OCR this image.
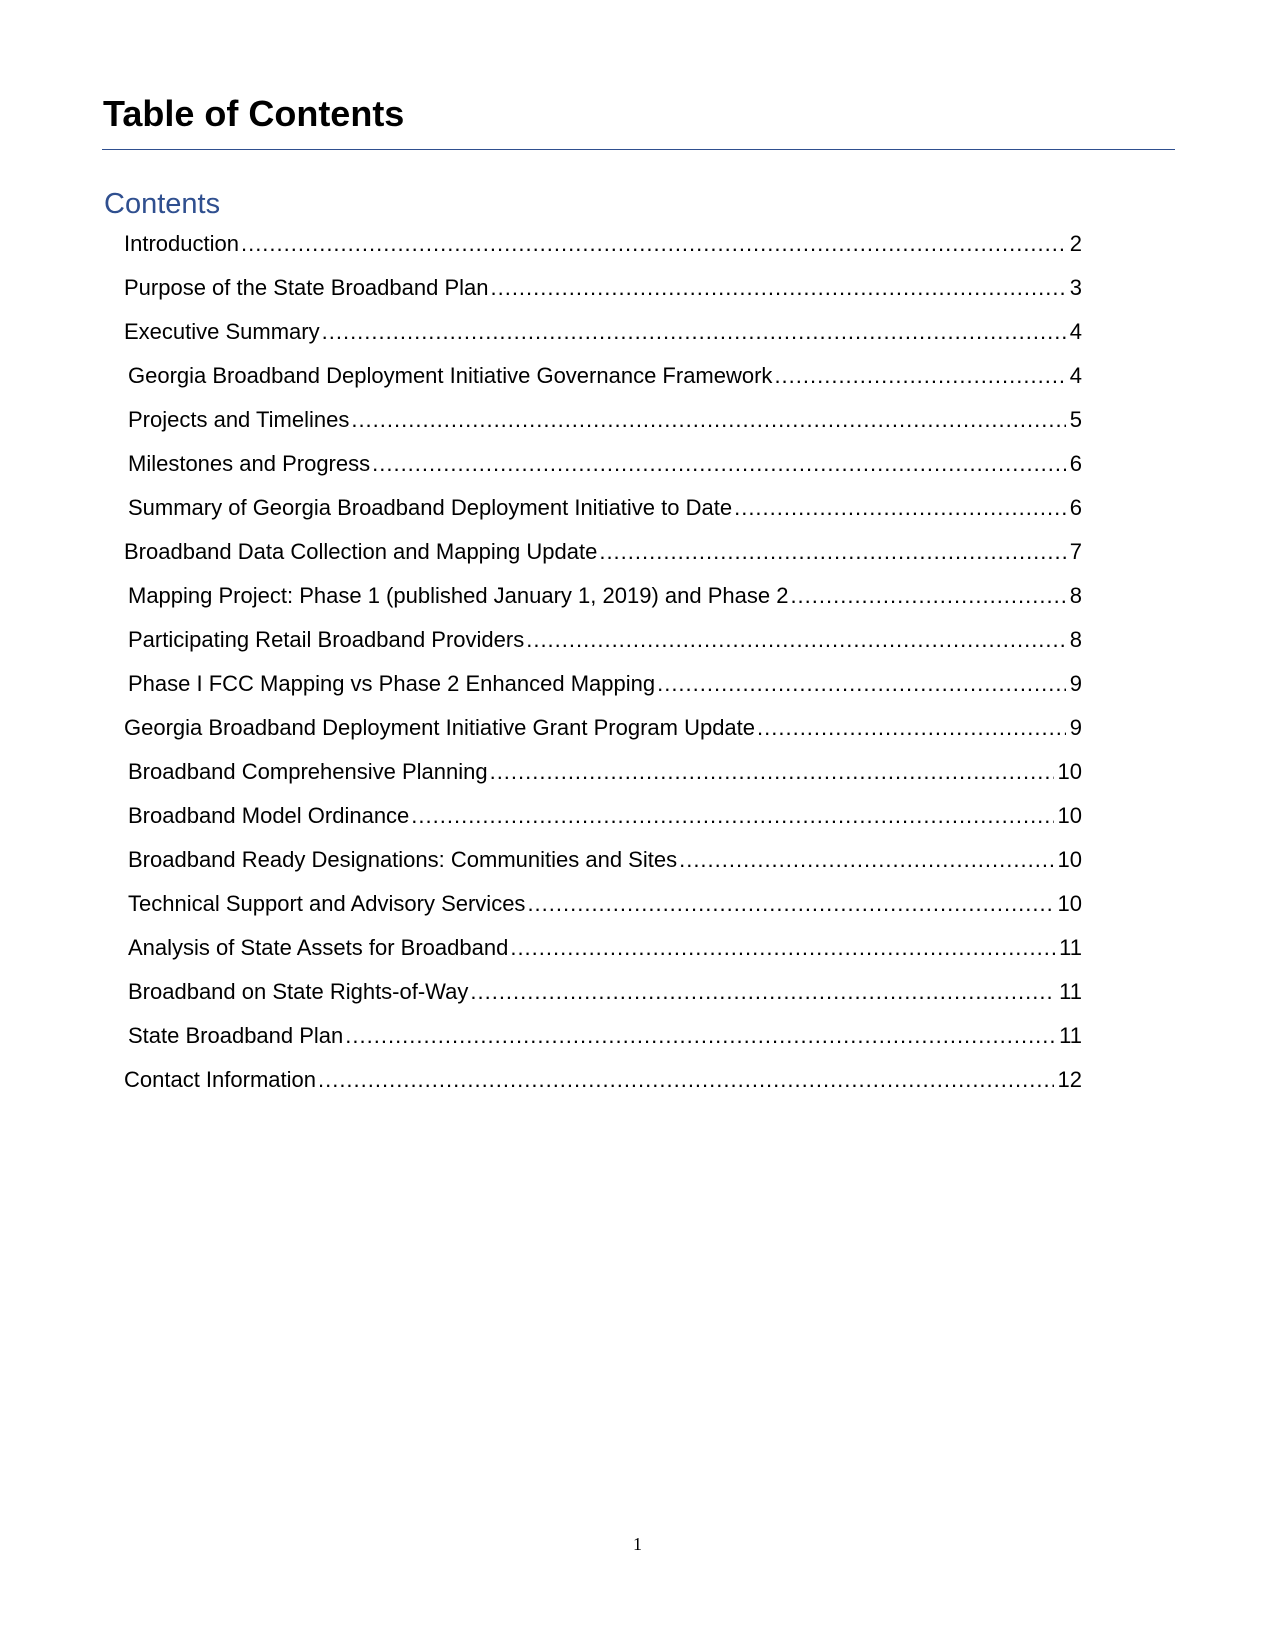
Table of Contents
Contents
Introduction .....	2
Purpose of the State Broadband Plan .....	3
Executive Summary .....	4
Georgia Broadband Deployment Initiative Governance Framework .....	4
Projects and Timelines .....	5
Milestones and Progress .....	6
Summary of Georgia Broadband Deployment Initiative to Date .....	6
Broadband Data Collection and Mapping Update .....	7
Mapping Project: Phase 1 (published January 1, 2019) and Phase 2 .....	8
Participating Retail Broadband Providers .....	8
Phase I FCC Mapping vs Phase 2 Enhanced Mapping .....	9
Georgia Broadband Deployment Initiative Grant Program Update .....	9
Broadband Comprehensive Planning .....	10
Broadband Model Ordinance .....	10
Broadband Ready Designations: Communities and Sites .....	10
Technical Support and Advisory Services .....	10
Analysis of State Assets for Broadband .....	11
Broadband on State Rights-of-Way .....	11
State Broadband Plan .....	11
Contact Information .....	12
1
